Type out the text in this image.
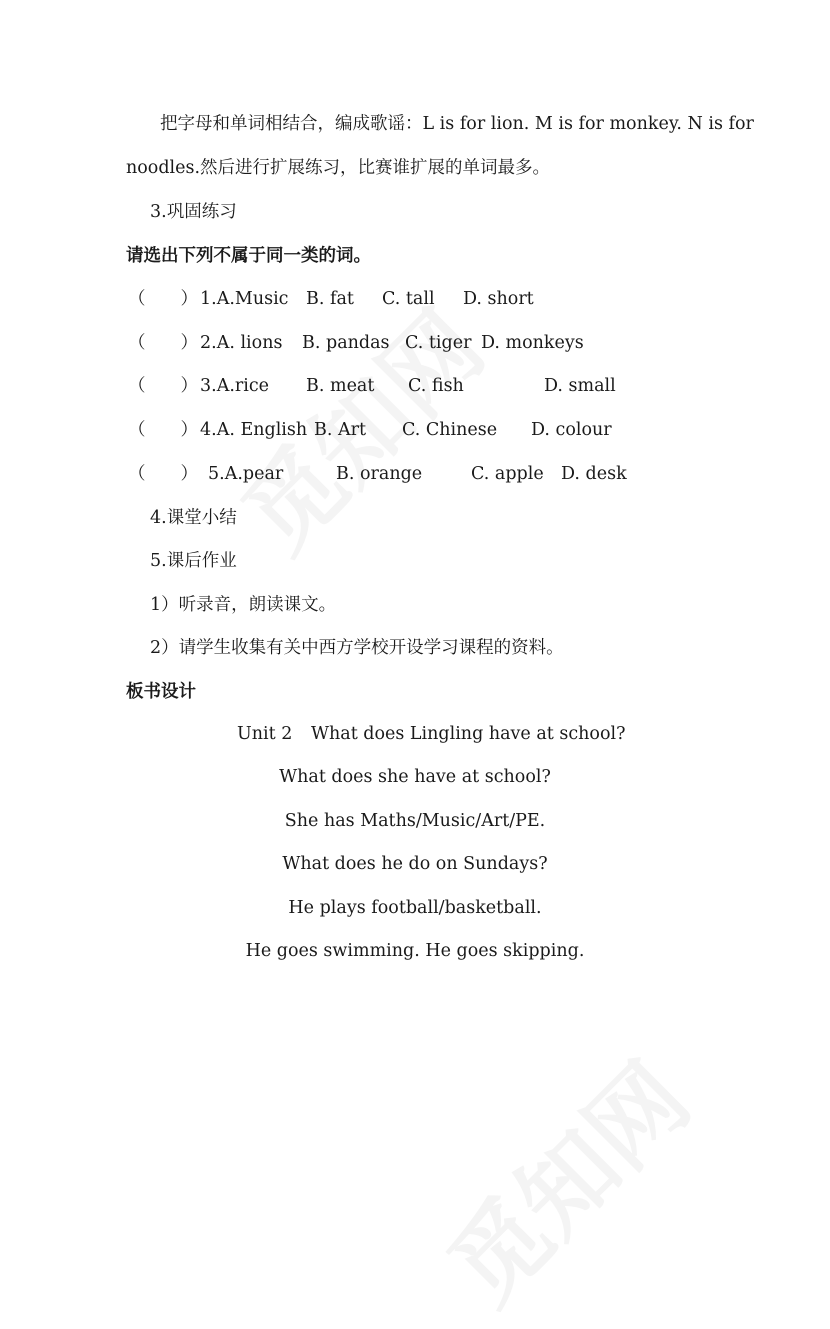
把字母和单词相结合，编成歌谣：L is for lion. M is for monkey. N is for
noodles.然后进行扩展练习，比赛谁扩展的单词最多。
3.巩固练习
请选出下列不属于同一类的词。
（　　） 1.A.Music B. fat C. tall D. short
（　　） 2.A. lions B. pandas C. tiger D. monkeys
（　　） 3.A.rice B. meat C. fish	D. small
（　　） 4.A. English B. Art C. Chinese D. colour
（　　） 5.A.pear	B. orange	C. apple D. desk
4.课堂小结
5.课后作业
1）听录音，朗读课文。
2）请学生收集有关中西方学校开设学习课程的资料。
板书设计
Unit 2 What does Lingling have at school?
What does she have at school?
She has Maths/Music/Art/PE.
What does he do on Sundays?
He plays football/basketball.
He goes swimming. He goes skipping.
